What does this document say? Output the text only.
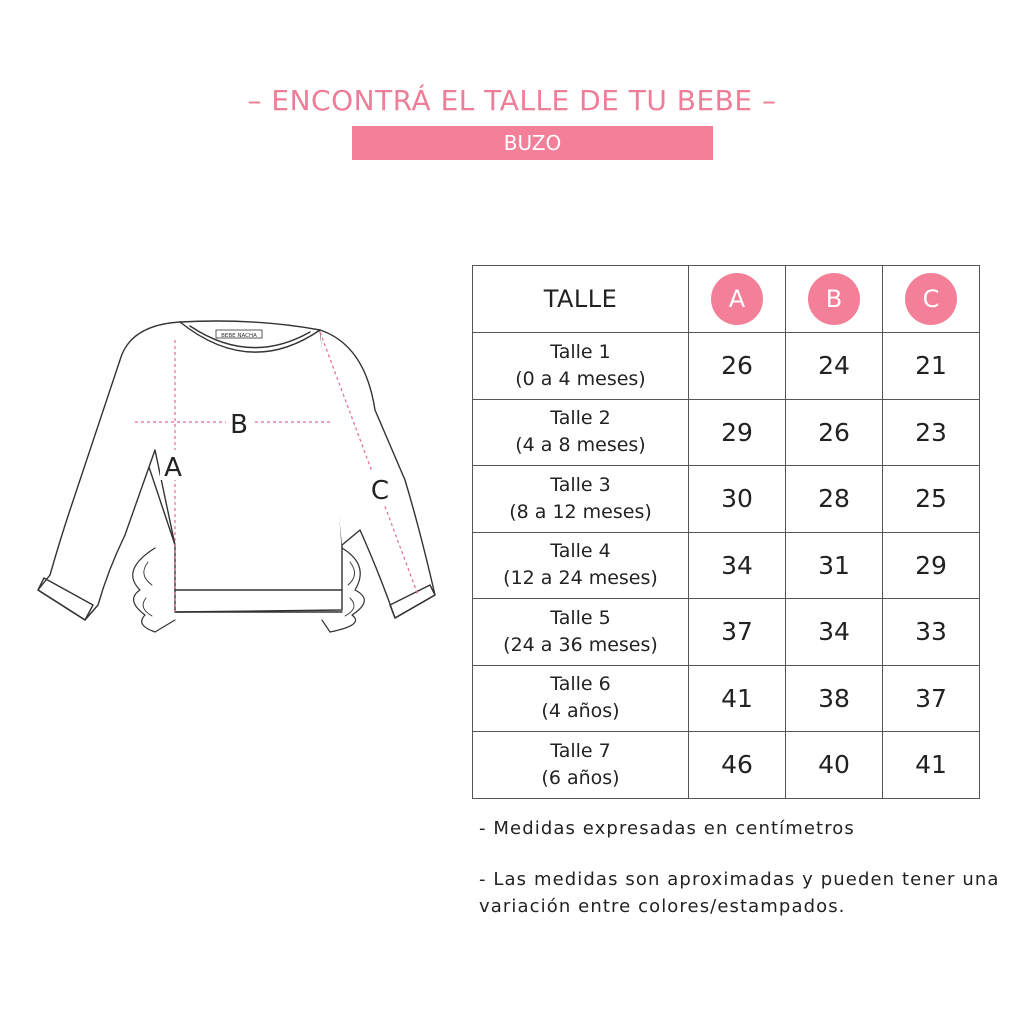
– ENCONTRÁ EL TALLE DE TU BEBE –
BUZO
BEBE NACHA
A
B
C
TALLE	A	B	C

Talle 1
(0 a 4 meses)	26	24	21

Talle 2
(4 a 8 meses)	29	26	23

Talle 3
(8 a 12 meses)	30	28	25

Talle 4
(12 a 24 meses)	34	31	29

Talle 5
(24 a 36 meses)	37	34	33

Talle 6
(4 años)	41	38	37

Talle 7
(6 años)	46	40	41

- Medidas expresadas en centímetros

- Las medidas son aproximadas y pueden tener una variación entre colores/estampados.
